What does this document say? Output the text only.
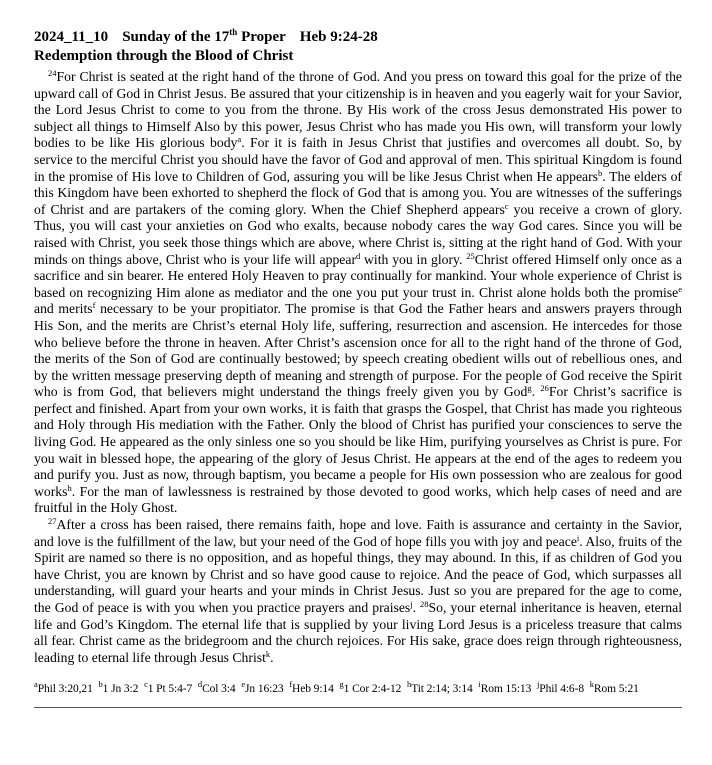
2024_11_10 Sunday of the 17th Proper Heb 9:24-28
Redemption through the Blood of Christ

$^{24}$For Christ is seated at the right hand of the throne of God. And you press on toward this goal for the prize of the upward call of God in Christ Jesus. Be assured that your citizenship is in heaven and you eagerly wait for your Savior, the Lord Jesus Christ to come to you from the throne. By His work of the cross Jesus demonstrated His power to subject all things to Himself Also by this power, Jesus Christ who has made you His own, will transform your lowly bodies to be like His glorious body$^a$. For it is faith in Jesus Christ that justifies and overcomes all doubt. So, by service to the merciful Christ you should have the favor of God and approval of men. This spiritual Kingdom is found in the promise of His love to Children of God, assuring you will be like Jesus Christ when He appears$^b$. The elders of this Kingdom have been exhorted to shepherd the flock of God that is among you. You are witnesses of the sufferings of Christ and are partakers of the coming glory. When the Chief Shepherd appears$^c$ you receive a crown of glory. Thus, you will cast your anxieties on God who exalts, because nobody cares the way God cares. Since you will be raised with Christ, you seek those things which are above, where Christ is, sitting at the right hand of God. With your minds on things above, Christ who is your life will appear$^d$ with you in glory. $^{25}$Christ offered Himself only once as a sacrifice and sin bearer. He entered Holy Heaven to pray continually for mankind. Your whole experience of Christ is based on recognizing Him alone as mediator and the one you put your trust in. Christ alone holds both the promise$^e$ and merits$^f$ necessary to be your propitiator. The promise is that God the Father hears and answers prayers through His Son, and the merits are Christ’s eternal Holy life, suffering, resurrection and ascension. He intercedes for those who believe before the throne in heaven. After Christ’s ascension once for all to the right hand of the throne of God, the merits of the Son of God are continually bestowed; by speech creating obedient wills out of rebellious ones, and by the written message preserving depth of meaning and strength of purpose. For the people of God receive the Spirit who is from God, that believers might understand the things freely given you by God$^g$. $^{26}$For Christ’s sacrifice is perfect and finished. Apart from your own works, it is faith that grasps the Gospel, that Christ has made you righteous and Holy through His mediation with the Father. Only the blood of Christ has purified your consciences to serve the living God. He appeared as the only sinless one so you should be like Him, purifying yourselves as Christ is pure. For you wait in blessed hope, the appearing of the glory of Jesus Christ. He appears at the end of the ages to redeem you and purify you. Just as now, through baptism, you became a people for His own possession who are zealous for good works$^h$. For the man of lawlessness is restrained by those devoted to good works, which help cases of need and are fruitful in the Holy Ghost.

$^{27}$After a cross has been raised, there remains faith, hope and love. Faith is assurance and certainty in the Savior, and love is the fulfillment of the law, but your need of the God of hope fills you with joy and peace$^i$. Also, fruits of the Spirit are named so there is no opposition, and as hopeful things, they may abound. In this, if as children of God you have Christ, you are known by Christ and so have good cause to rejoice. And the peace of God, which surpasses all understanding, will guard your hearts and your minds in Christ Jesus. Just so you are prepared for the age to come, the God of peace is with you when you practice prayers and praises$^j$. $^{28}$So, your eternal inheritance is heaven, eternal life and God’s Kingdom. The eternal life that is supplied by your living Lord Jesus is a priceless treasure that calms all fear. Christ came as the bridegroom and the church rejoices. For His sake, grace does reign through righteousness, leading to eternal life through Jesus Christ$^k$.

$^a$Phil 3:20,21 $^b$1 Jn 3:2 $^c$1 Pt 5:4-7 $^d$Col 3:4 $^e$Jn 16:23 $^f$Heb 9:14 $^g$1 Cor 2:4-12 $^h$Tit 2:14; 3:14 $^i$Rom 15:13 $^j$Phil 4:6-8 $^k$Rom 5:21
